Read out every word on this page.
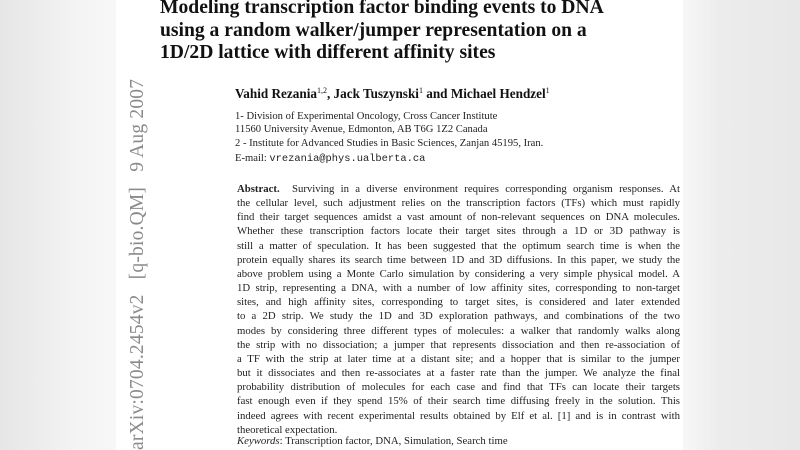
arXiv:0704.2454v2 [q-bio.QM] 9 Aug 2007
Modeling transcription factor binding events to DNA
using a random walker/jumper representation on a
1D/2D lattice with different affinity sites
Vahid Rezania$^{1,2}$, Jack Tuszynski$^1$ and Michael Hendzel$^1$
1- Division of Experimental Oncology, Cross Cancer Institute
11560 University Avenue, Edmonton, AB T6G 1Z2 Canada
2 - Institute for Advanced Studies in Basic Sciences, Zanjan 45195, Iran.
E-mail: vrezania@phys.ualberta.ca
Abstract. Surviving in a diverse environment requires corresponding organism responses. At
the cellular level, such adjustment relies on the transcription factors (TFs) which must rapidly
find their target sequences amidst a vast amount of non-relevant sequences on DNA molecules.
Whether these transcription factors locate their target sites through a 1D or 3D pathway is
still a matter of speculation. It has been suggested that the optimum search time is when the
protein equally shares its search time between 1D and 3D diffusions. In this paper, we study the
above problem using a Monte Carlo simulation by considering a very simple physical model. A
1D strip, representing a DNA, with a number of low affinity sites, corresponding to non-target
sites, and high affinity sites, corresponding to target sites, is considered and later extended
to a 2D strip. We study the 1D and 3D exploration pathways, and combinations of the two
modes by considering three different types of molecules: a walker that randomly walks along
the strip with no dissociation; a jumper that represents dissociation and then re-association of
a TF with the strip at later time at a distant site; and a hopper that is similar to the jumper
but it dissociates and then re-associates at a faster rate than the jumper. We analyze the final
probability distribution of molecules for each case and find that TFs can locate their targets
fast enough even if they spend 15% of their search time diffusing freely in the solution. This
indeed agrees with recent experimental results obtained by Elf et al. [1] and is in contrast with
theoretical expectation.
Keywords: Transcription factor, DNA, Simulation, Search time
